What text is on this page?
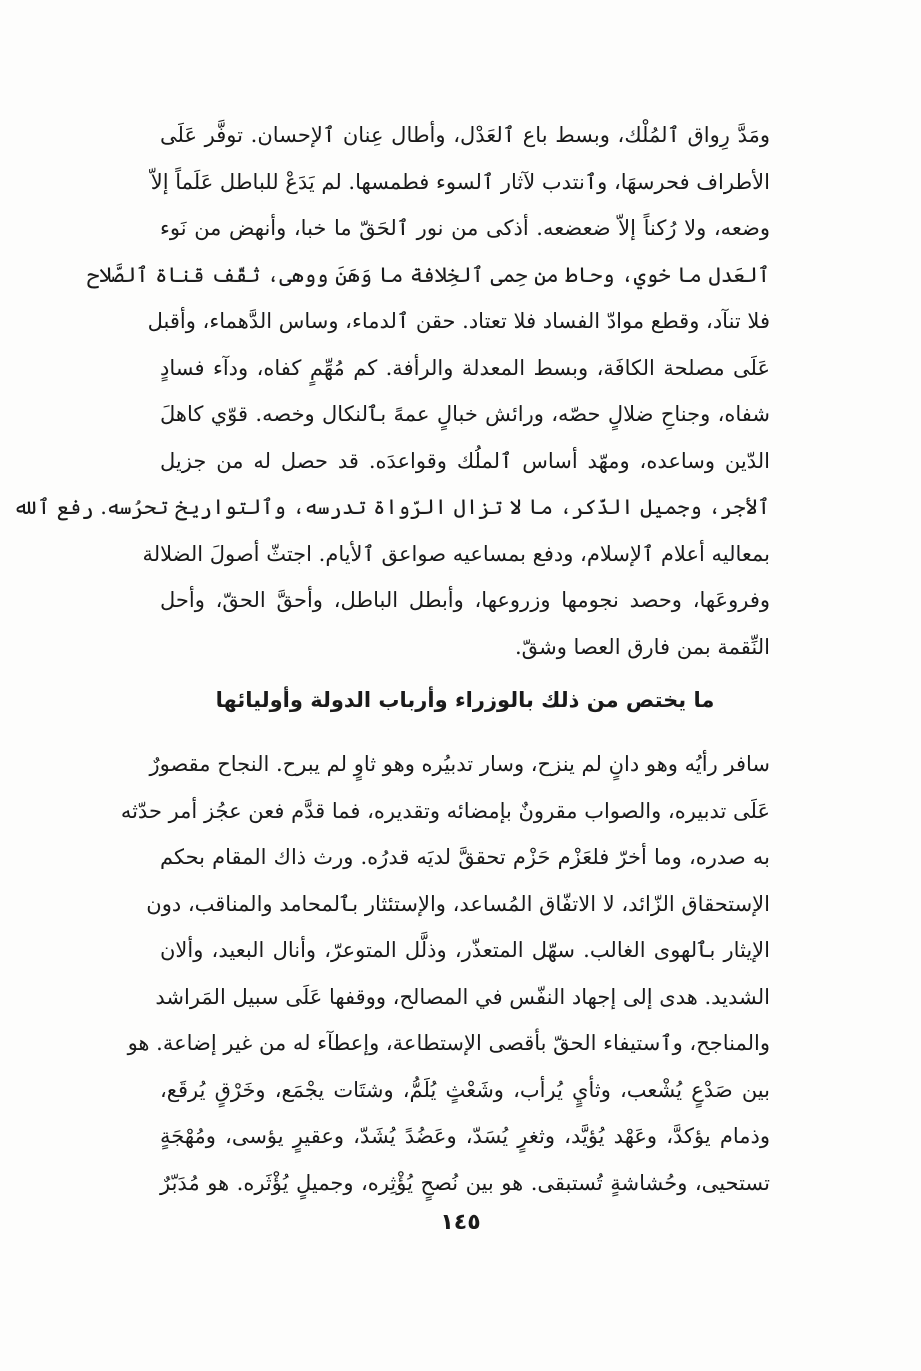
ومَدَّ رِواق ٱلمُلْك، وبسط باع ٱلعَدْل، وأطال عِنان ٱلإحسان. توفَّر عَلَى
الأطراف فحرسهَا، وٱنتدب لآثار ٱلسوء فطمسها. لم يَدَعْ للباطل عَلَماً إلاّ
وضعه، ولا رُكناً إلاّ ضعضعه. أذكى من نور ٱلحَقّ ما خبا، وأنهض من نَوء
ٱلعَدل ما خوي، وحاط من حِمى ٱلخِلافة ما وَهَنَ ووهى، ثقّف قناة ٱلصَّلاح
فلا تنآد، وقطع موادّ الفساد فلا تعتاد. حقن ٱلدماء، وساس الدَّهماء، وأقبل
عَلَى مصلحة الكافَة، وبسط المعدلة والرأفة. كم مُهِّمٍ كفاه، ودآء فسادٍ
شفاه، وجناحِ ضلالٍ حصّه، ورائش خبالٍ عمهً بٱلنكال وخصه. قوّي كاهلَ
الدّين وساعده، ومهّد أساس ٱلملُك وقواعدَه. قد حصل له من جزيل
ٱلأجر، وجميل الذّكر، ما لا تزال الرّواة تدرسه، وٱلتواريخ تحرُسه. رفع ٱلله
بمعاليه أعلام ٱلإسلام، ودفع بمساعيه صواعق ٱلأيام. اجتثّ أصولَ الضلالة
وفروعَها، وحصد نجومها وزروعها، وأبطل الباطل، وأحقَّ الحقّ، وأحل
النِّقمة بمن فارق العصا وشقّ.
ما يختص من ذلك بالوزراء وأرباب الدولة وأوليائها
سافر رأيُه وهو دانٍ لم ينزح، وسار تدبيُره وهو ثاوٍ لم يبرح. النجاح مقصورٌ
عَلَى تدبيره، والصواب مقرونٌ بإمضائه وتقديره، فما قدَّم فعن عجُز أمر حدّثه
به صدره، وما أخرّ فلعَزْم حَزْم تحققَّ لديَه قدرُه. ورث ذاك المقام بحكم
الإستحقاق الزّائد، لا الاتفّاق المُساعد، والإستئثار بٱلمحامد والمناقب، دون
الإيثار بٱلهوى الغالب. سهّل المتعذّر، وذلَّل المتوعرّ، وأنال البعيد، وألان
الشديد. هدى إلى إجهاد النفّس في المصالح، ووقفها عَلَى سبيل المَراشد
والمناجح، وٱستيفاء الحقّ بأقصى الإستطاعة، وإعطآء له من غير إضاعة. هو
بين صَدْعٍ يُشْعب، وثأيٍ يُرأب، وشَعْثٍ يُلَمُّ، وشتَات يجْمَع، وخَرْقٍ يُرقَع،
وذمام يؤكدَّ، وعَهْد يُؤيَّد، وثغرٍ يُسَدّ، وعَضُدً يُشَدّ، وعقيرٍ يؤسى، ومُهْجَةٍ
تستحيى، وحُشاشةٍ تُستبقى. هو بين نُصحٍ يُؤْثِره، وجميلٍ يُؤْثَره. هو مُدَبّرٌ
١٤٥
